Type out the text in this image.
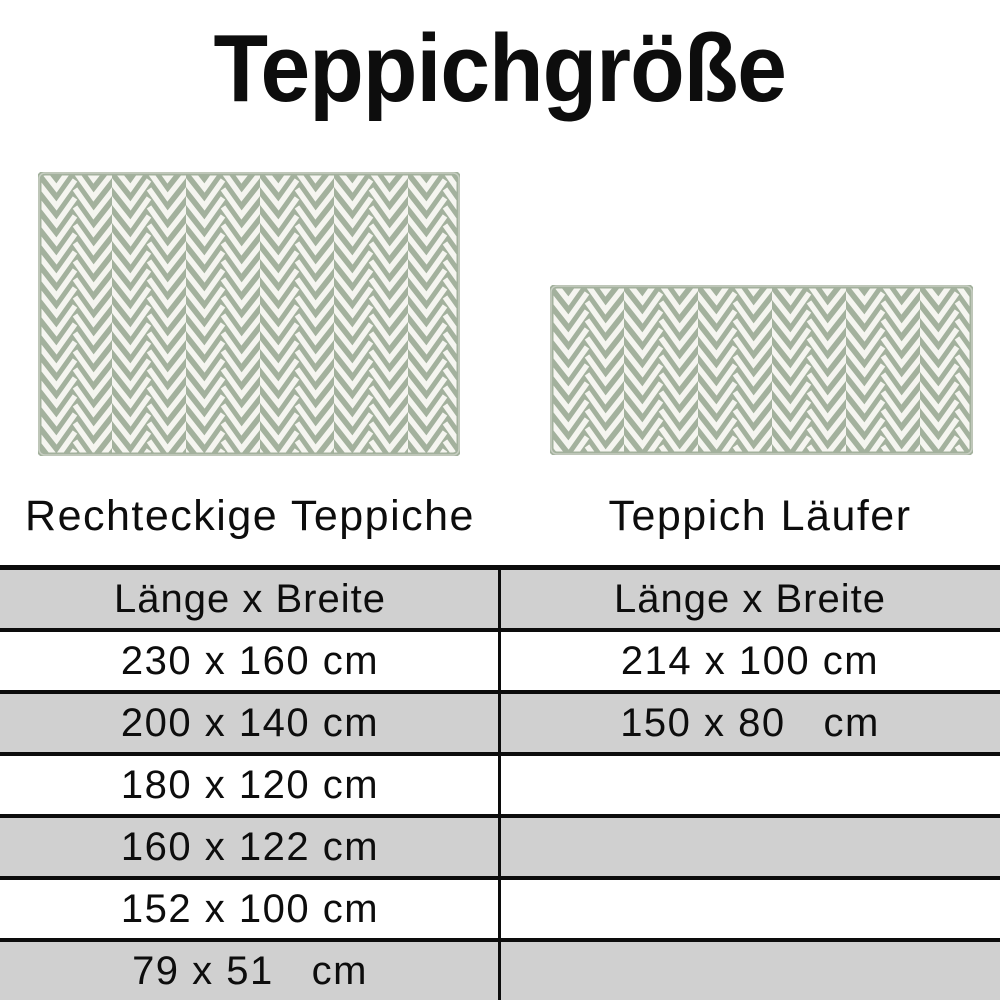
Teppichgröße
Rechteckige Teppiche	Teppich Läufer
Länge x Breite	Länge x Breite
230 x 160 cm	214 x 100 cm
200 x 140 cm	150 x 80   cm
180 x 120 cm
160 x 122 cm
152 x 100 cm
79 x 51   cm
